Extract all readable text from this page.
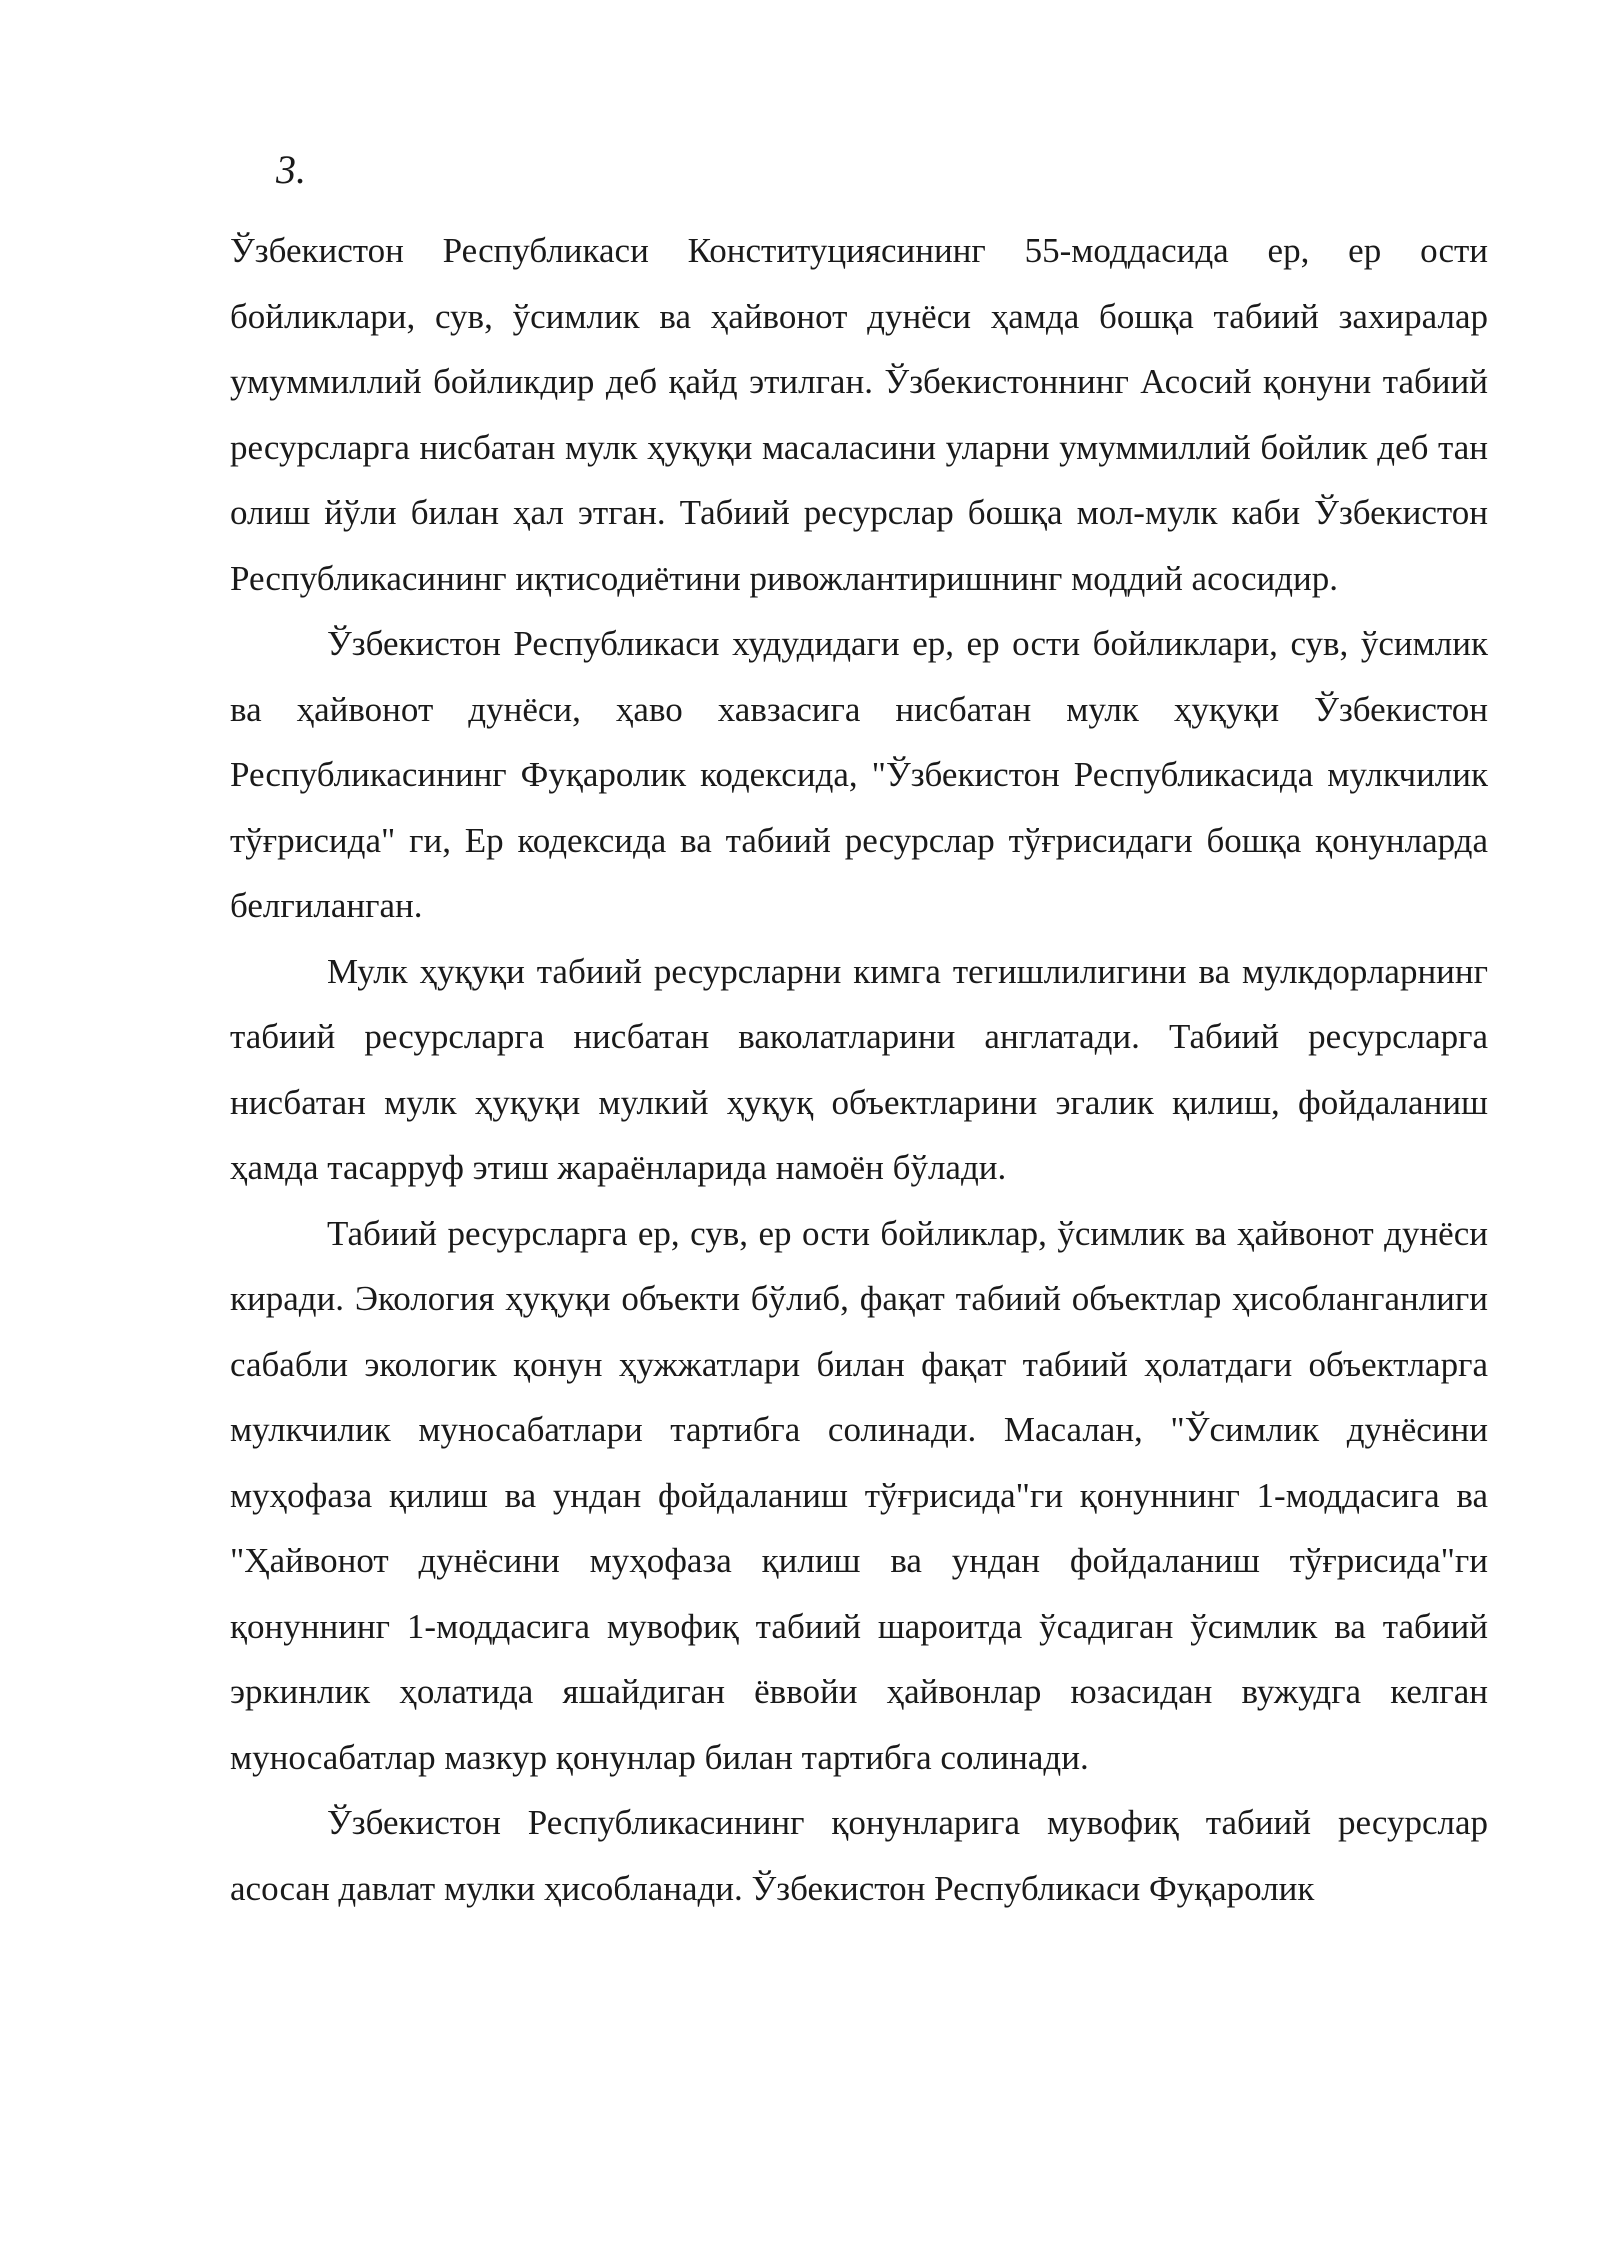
3.

Ўзбекистон Республикаси Конституциясининг 55-моддасида ер, ер ости бойликлари, сув, ўсимлик ва ҳайвонот дунёси ҳамда бошқа табиий захиралар умуммиллий бойликдир деб қайд этилган. Ўзбекистоннинг Асосий қонуни табиий ресурсларга нисбатан мулк ҳуқуқи масаласини уларни умуммиллий бойлик деб тан олиш йўли билан ҳал этган. Табиий ресурслар бошқа мол-мулк каби Ўзбекистон Республикасининг иқтисодиётини ривожлантиришнинг моддий асосидир.

Ўзбекистон Республикаси худудидаги ер, ер ости бойликлари, сув, ўсимлик ва ҳайвонот дунёси, ҳаво хавзасига нисбатан мулк ҳуқуқи Ўзбекистон Республикасининг Фуқаролик кодексида, "Ўзбекистон Республикасида мулкчилик тўғрисида" ги, Ер кодексида ва табиий ресурслар тўғрисидаги бошқа қонунларда белгиланган.

Мулк ҳуқуқи табиий ресурсларни кимга тегишлилигини ва мулкдорларнинг табиий ресурсларга нисбатан ваколатларини англатади. Табиий ресурсларга нисбатан мулк ҳуқуқи мулкий ҳуқуқ объектларини эгалик қилиш, фойдаланиш ҳамда тасарруф этиш жараёнларида намоён бўлади.

Табиий ресурсларга ер, сув, ер ости бойликлар, ўсимлик ва ҳайвонот дунёси киради. Экология ҳуқуқи объекти бўлиб, фақат табиий объектлар ҳисобланганлиги сабабли экологик қонун ҳужжатлари билан фақат табиий ҳолатдаги объектларга мулкчилик муносабатлари тартибга солинади. Масалан, "Ўсимлик дунёсини муҳофаза қилиш ва ундан фойдаланиш тўғрисида"ги қонуннинг 1-моддасига ва "Ҳайвонот дунёсини муҳофаза қилиш ва ундан фойдаланиш тўғрисида"ги қонуннинг 1-моддасига мувофиқ табиий шароитда ўсадиган ўсимлик ва табиий эркинлик ҳолатида яшайдиган ёввойи ҳайвонлар юзасидан вужудга келган муносабатлар мазкур қонунлар билан тартибга солинади.

Ўзбекистон Республикасининг қонунларига мувофиқ табиий ресурслар асосан давлат мулки ҳисобланади. Ўзбекистон Республикаси Фуқаролик
